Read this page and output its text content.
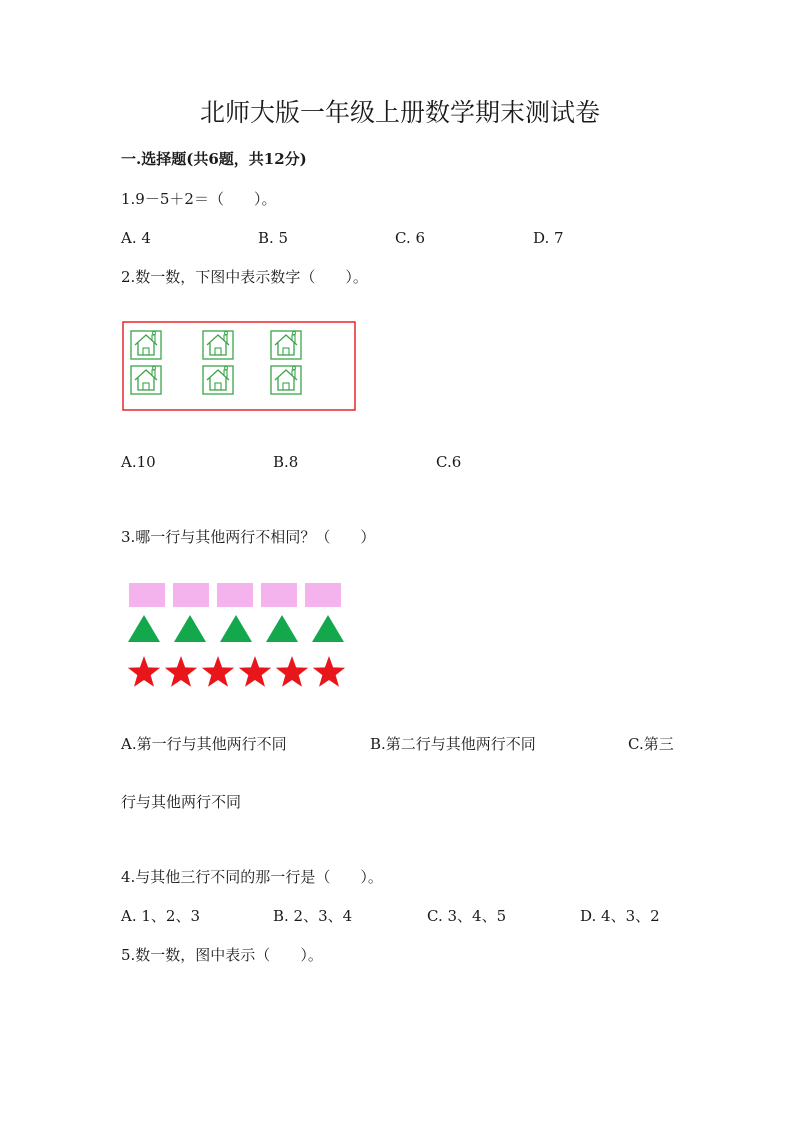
北师大版一年级上册数学期末测试卷
一.选择题(共6题，共12分)
1.9－5＋2＝（　　）。
A. 4	B. 5	C. 6	D. 7
2.数一数，下图中表示数字（　　）。
A.10	B.8	C.6
3.哪一行与其他两行不相同？（　　）
A.第一行与其他两行不同	B.第二行与其他两行不同	C.第三
行与其他两行不同
4.与其他三行不同的那一行是（　　）。
A. 1、2、3	B. 2、3、4	C. 3、4、5	D. 4、3、2
5.数一数，图中表示（　　）。
